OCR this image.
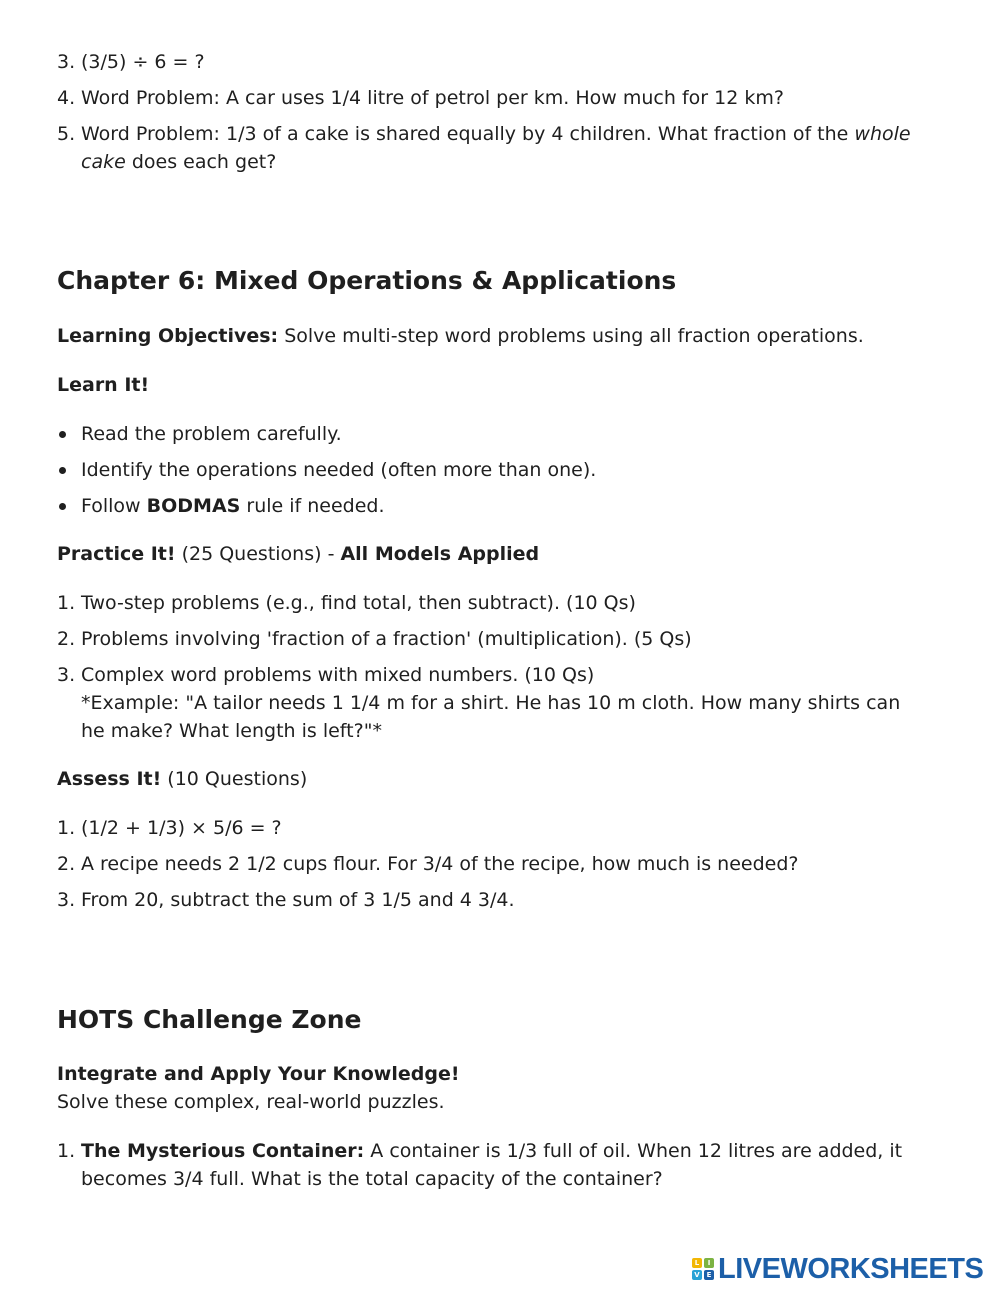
3. (3/5) ÷ 6 = ?
4. Word Problem: A car uses 1/4 litre of petrol per km. How much for 12 km?
5. Word Problem: 1/3 of a cake is shared equally by 4 children. What fraction of the whole cake does each get?
Chapter 6: Mixed Operations & Applications

Learning Objectives: Solve multi-step word problems using all fraction operations.

Learn It!

Read the problem carefully.
Identify the operations needed (often more than one).
Follow BODMAS rule if needed.

Practice It! (25 Questions) - All Models Applied

1. Two-step problems (e.g., find total, then subtract). (10 Qs)
2. Problems involving 'fraction of a fraction' (multiplication). (5 Qs)
3. Complex word problems with mixed numbers. (10 Qs)
*Example: "A tailor needs 1 1/4 m for a shirt. He has 10 m cloth. How many shirts can he make? What length is left?"*

Assess It! (10 Questions)

1. (1/2 + 1/3) × 5/6 = ?
2. A recipe needs 2 1/2 cups flour. For 3/4 of the recipe, how much is needed?
3. From 20, subtract the sum of 3 1/5 and 4 3/4.
HOTS Challenge Zone

Integrate and Apply Your Knowledge!

Solve these complex, real-world puzzles.

1. The Mysterious Container: A container is 1/3 full of oil. When 12 litres are added, it becomes 3/4 full. What is the total capacity of the container?
L	I
V E LIVEWORKSHEETS
